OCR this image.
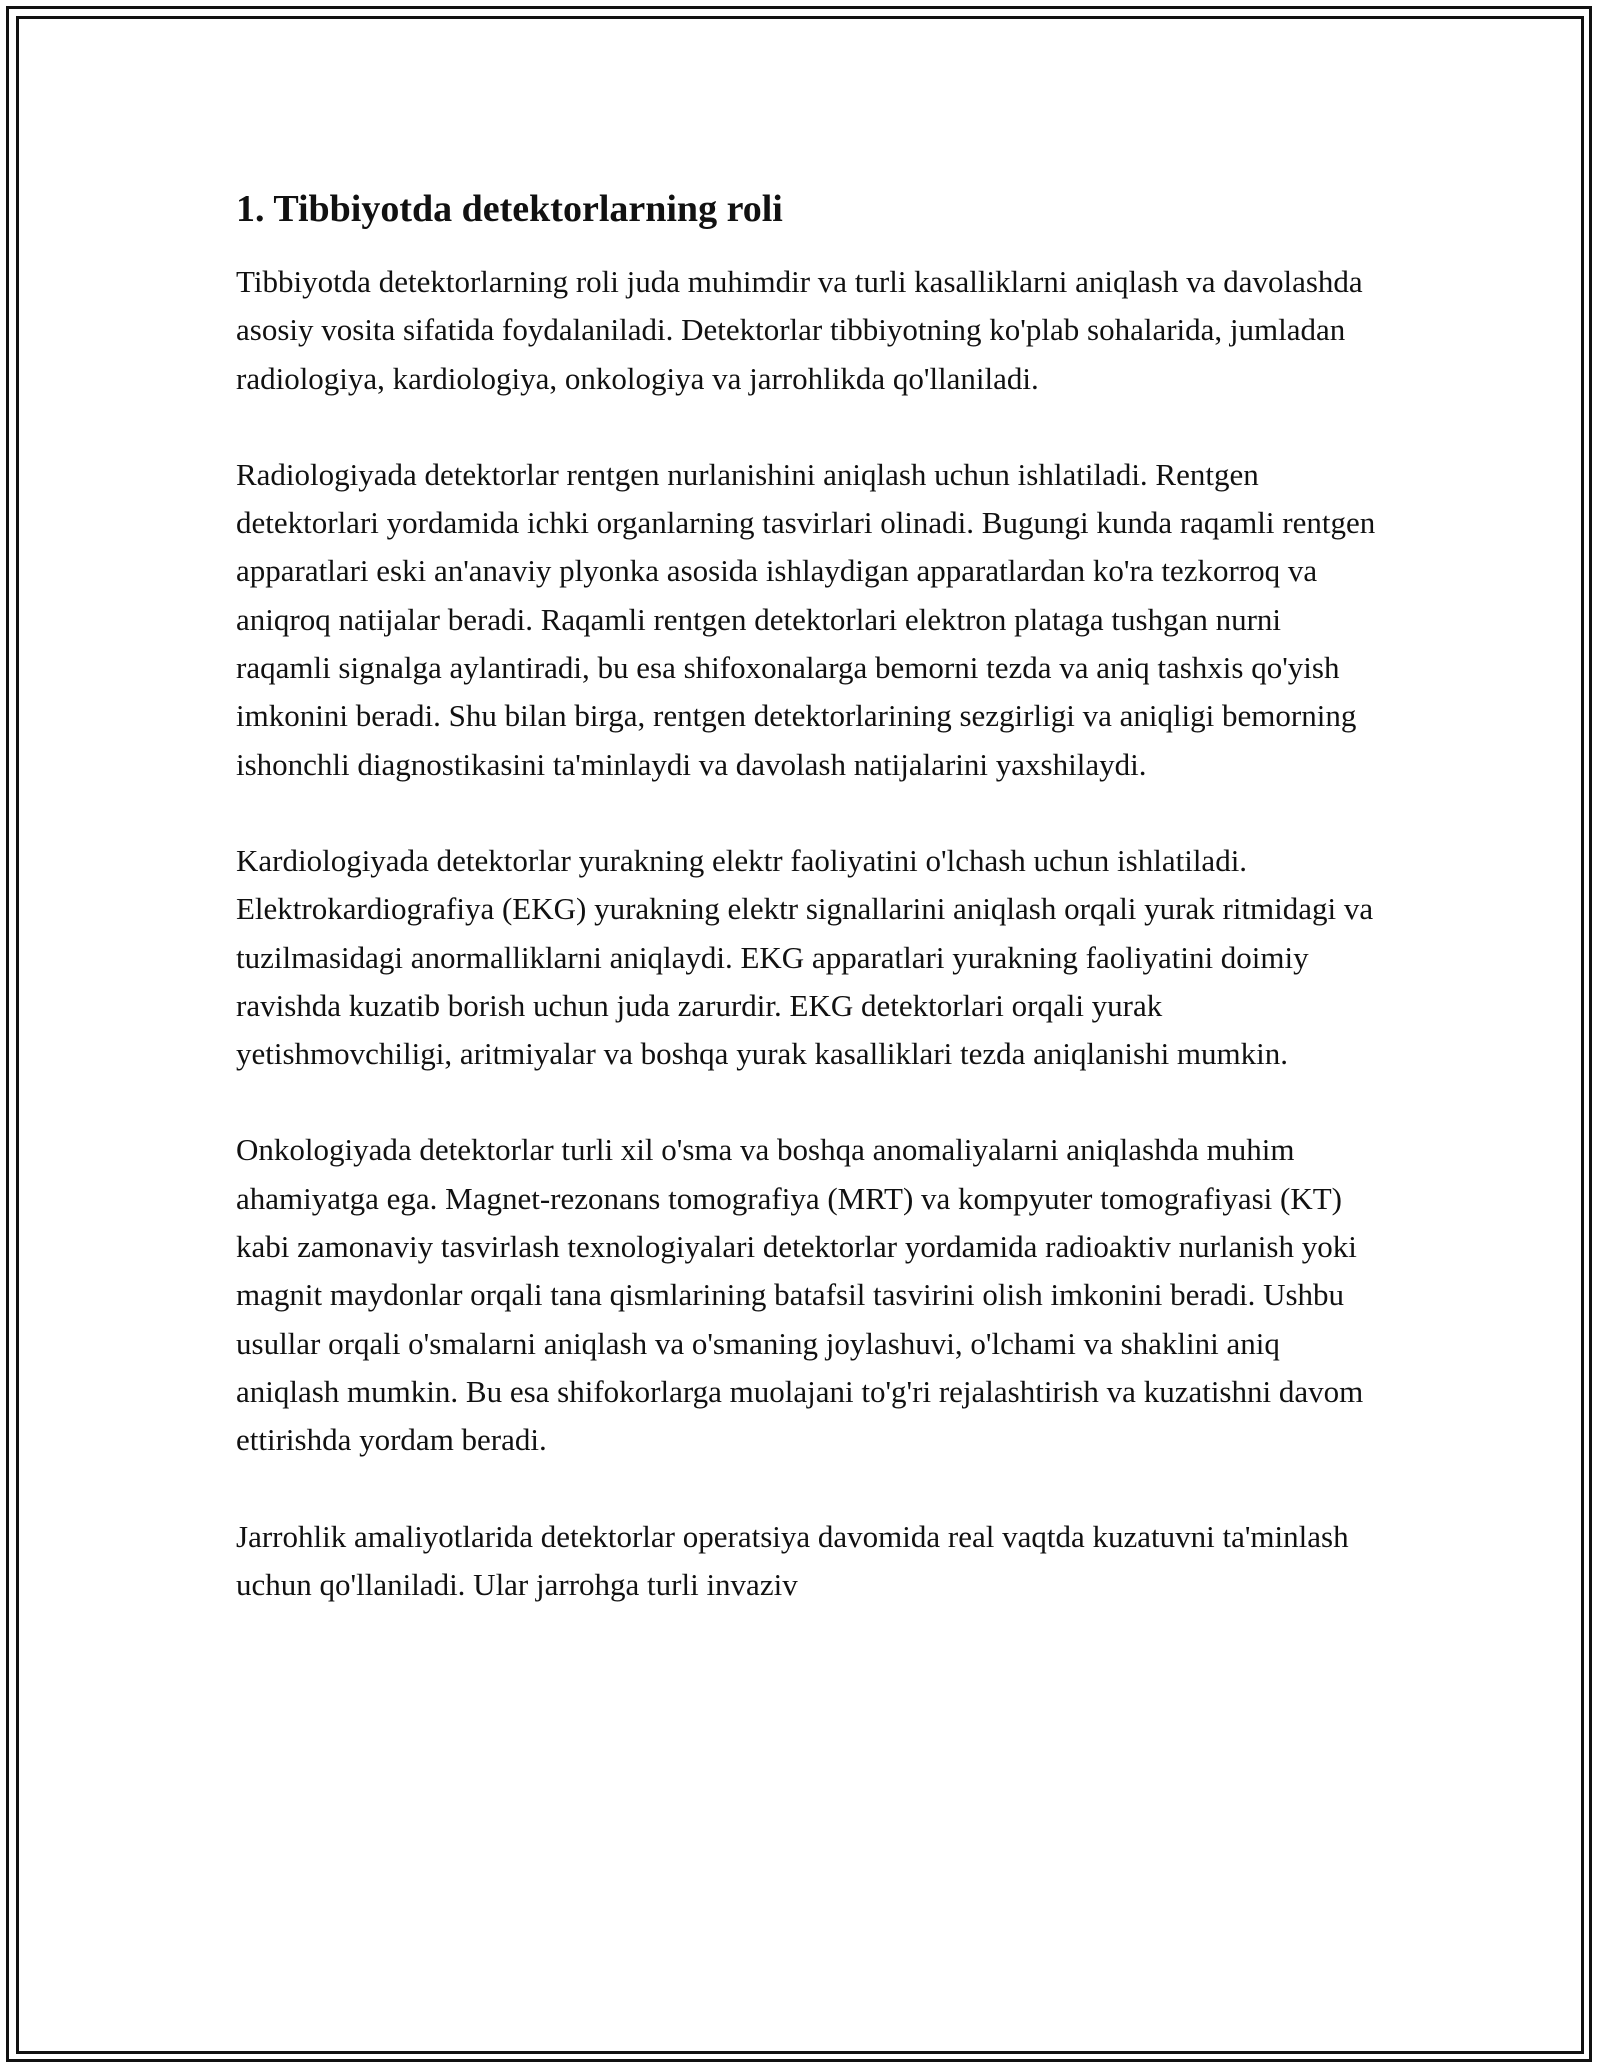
1. Tibbiyotda detektorlarning roli

Tibbiyotda detektorlarning roli juda muhimdir va turli kasalliklarni aniqlash va davolashda asosiy vosita sifatida foydalaniladi. Detektorlar tibbiyotning ko'plab sohalarida, jumladan radiologiya, kardiologiya, onkologiya va jarrohlikda qo'llaniladi.

Radiologiyada detektorlar rentgen nurlanishini aniqlash uchun ishlatiladi. Rentgen detektorlari yordamida ichki organlarning tasvirlari olinadi. Bugungi kunda raqamli rentgen apparatlari eski an'anaviy plyonka asosida ishlaydigan apparatlardan ko'ra tezkorroq va aniqroq natijalar beradi. Raqamli rentgen detektorlari elektron plataga tushgan nurni raqamli signalga aylantiradi, bu esa shifoxonalarga bemorni tezda va aniq tashxis qo'yish imkonini beradi. Shu bilan birga, rentgen detektorlarining sezgirligi va aniqligi bemorning ishonchli diagnostikasini ta'minlaydi va davolash natijalarini yaxshilaydi.

Kardiologiyada detektorlar yurakning elektr faoliyatini o'lchash uchun ishlatiladi. Elektrokardiografiya (EKG) yurakning elektr signallarini aniqlash orqali yurak ritmidagi va tuzilmasidagi anormalliklarni aniqlaydi. EKG apparatlari yurakning faoliyatini doimiy ravishda kuzatib borish uchun juda zarurdir. EKG detektorlari orqali yurak yetishmovchiligi, aritmiyalar va boshqa yurak kasalliklari tezda aniqlanishi mumkin.

Onkologiyada detektorlar turli xil o'sma va boshqa anomaliyalarni aniqlashda muhim ahamiyatga ega. Magnet-rezonans tomografiya (MRT) va kompyuter tomografiyasi (KT) kabi zamonaviy tasvirlash texnologiyalari detektorlar yordamida radioaktiv nurlanish yoki magnit maydonlar orqali tana qismlarining batafsil tasvirini olish imkonini beradi. Ushbu usullar orqali o'smalarni aniqlash va o'smaning joylashuvi, o'lchami va shaklini aniq aniqlash mumkin. Bu esa shifokorlarga muolajani to'g'ri rejalashtirish va kuzatishni davom ettirishda yordam beradi.

Jarrohlik amaliyotlarida detektorlar operatsiya davomida real vaqtda kuzatuvni ta'minlash uchun qo'llaniladi. Ular jarrohga turli invaziv
